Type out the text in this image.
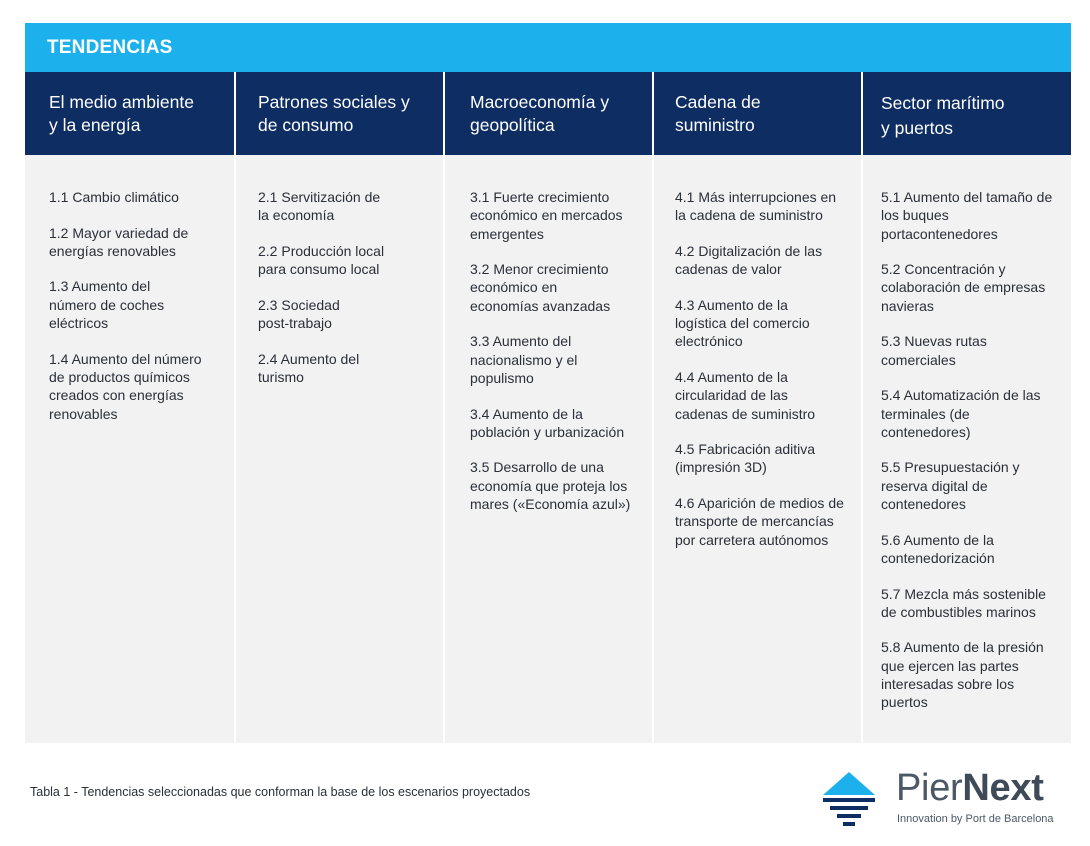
TENDENCIAS
El medio ambiente
y la energía
Patrones sociales y
de consumo
Macroeconomía y
geopolítica
Cadena de
suministro
Sector marítimo
y puertos
1.1 Cambio climático
1.2 Mayor variedad de energías renovables
1.3 Aumento del número de coches eléctricos
1.4 Aumento del número de productos químicos creados con energías renovables
2.1 Servitización de la economía
2.2 Producción local para consumo local
2.3 Sociedad post-trabajo
2.4 Aumento del turismo
3.1 Fuerte crecimiento económico en mercados emergentes
3.2 Menor crecimiento económico en economías avanzadas
3.3 Aumento del nacionalismo y el populismo
3.4 Aumento de la población y urbanización
3.5 Desarrollo de una economía que proteja los mares («Economía azul»)
4.1 Más interrupciones en la cadena de suministro
4.2 Digitalización de las cadenas de valor
4.3 Aumento de la logística del comercio electrónico
4.4 Aumento de la circularidad de las cadenas de suministro
4.5 Fabricación aditiva (impresión 3D)
4.6 Aparición de medios de transporte de mercancías por carretera autónomos
5.1 Aumento del tamaño de los buques portacontenedores
5.2 Concentración y colaboración de empresas navieras
5.3 Nuevas rutas comerciales
5.4 Automatización de las terminales (de contenedores)
5.5 Presupuestación y reserva digital de contenedores
5.6 Aumento de la contenedorización
5.7 Mezcla más sostenible de combustibles marinos
5.8 Aumento de la presión que ejercen las partes interesadas sobre los puertos
Tabla 1 - Tendencias seleccionadas que conforman la base de los escenarios proyectados	PierNext
Innovation by Port de Barcelona
